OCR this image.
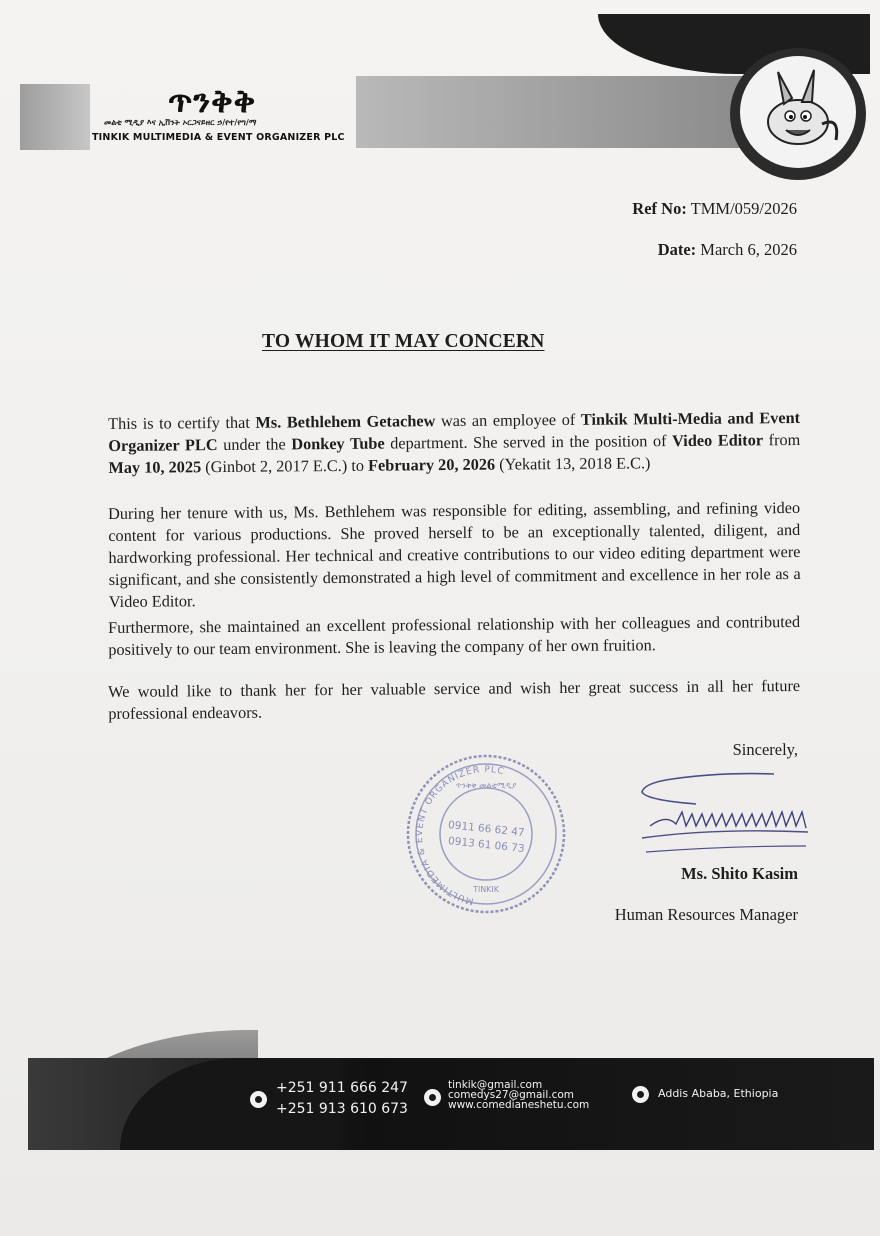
ጥንቅቅ
መልቲ ሚዲያ እና ኢቨንት ኦርጋናይዘር ኃ/የተ/የግ/ማ
TINKIK MULTIMEDIA & EVENT ORGANIZER PLC
Ref No: TMM/059/2026
Date: March 6, 2026
TO WHOM IT MAY CONCERN
This is to certify that Ms. Bethlehem Getachew was an employee of Tinkik Multi-Media and Event Organizer PLC under the Donkey Tube department. She served in the position of Video Editor from May 10, 2025 (Ginbot 2, 2017 E.C.) to February 20, 2026 (Yekatit 13, 2018 E.C.)
During her tenure with us, Ms. Bethlehem was responsible for editing, assembling, and refining video content for various productions. She proved herself to be an exceptionally talented, diligent, and hardworking professional. Her technical and creative contributions to our video editing department were significant, and she consistently demonstrated a high level of commitment and excellence in her role as a Video Editor.
Furthermore, she maintained an excellent professional relationship with her colleagues and contributed positively to our team environment. She is leaving the company of her own fruition.
We would like to thank her for her valuable service and wish her great success in all her future professional endeavors.
Sincerely,
MULTIMEDIA & EVENT ORGANIZER PLC
ጥንቅቅ መልቲሚዲያ
0911 66 62 47
0913 61 06 73
TINKIK
Ms. Shito Kasim
Human Resources Manager
+251 911 666 247
+251 913 610 673
tinkik@gmail.com
comedys27@gmail.com
www.comedianeshetu.com
Addis Ababa, Ethiopia
